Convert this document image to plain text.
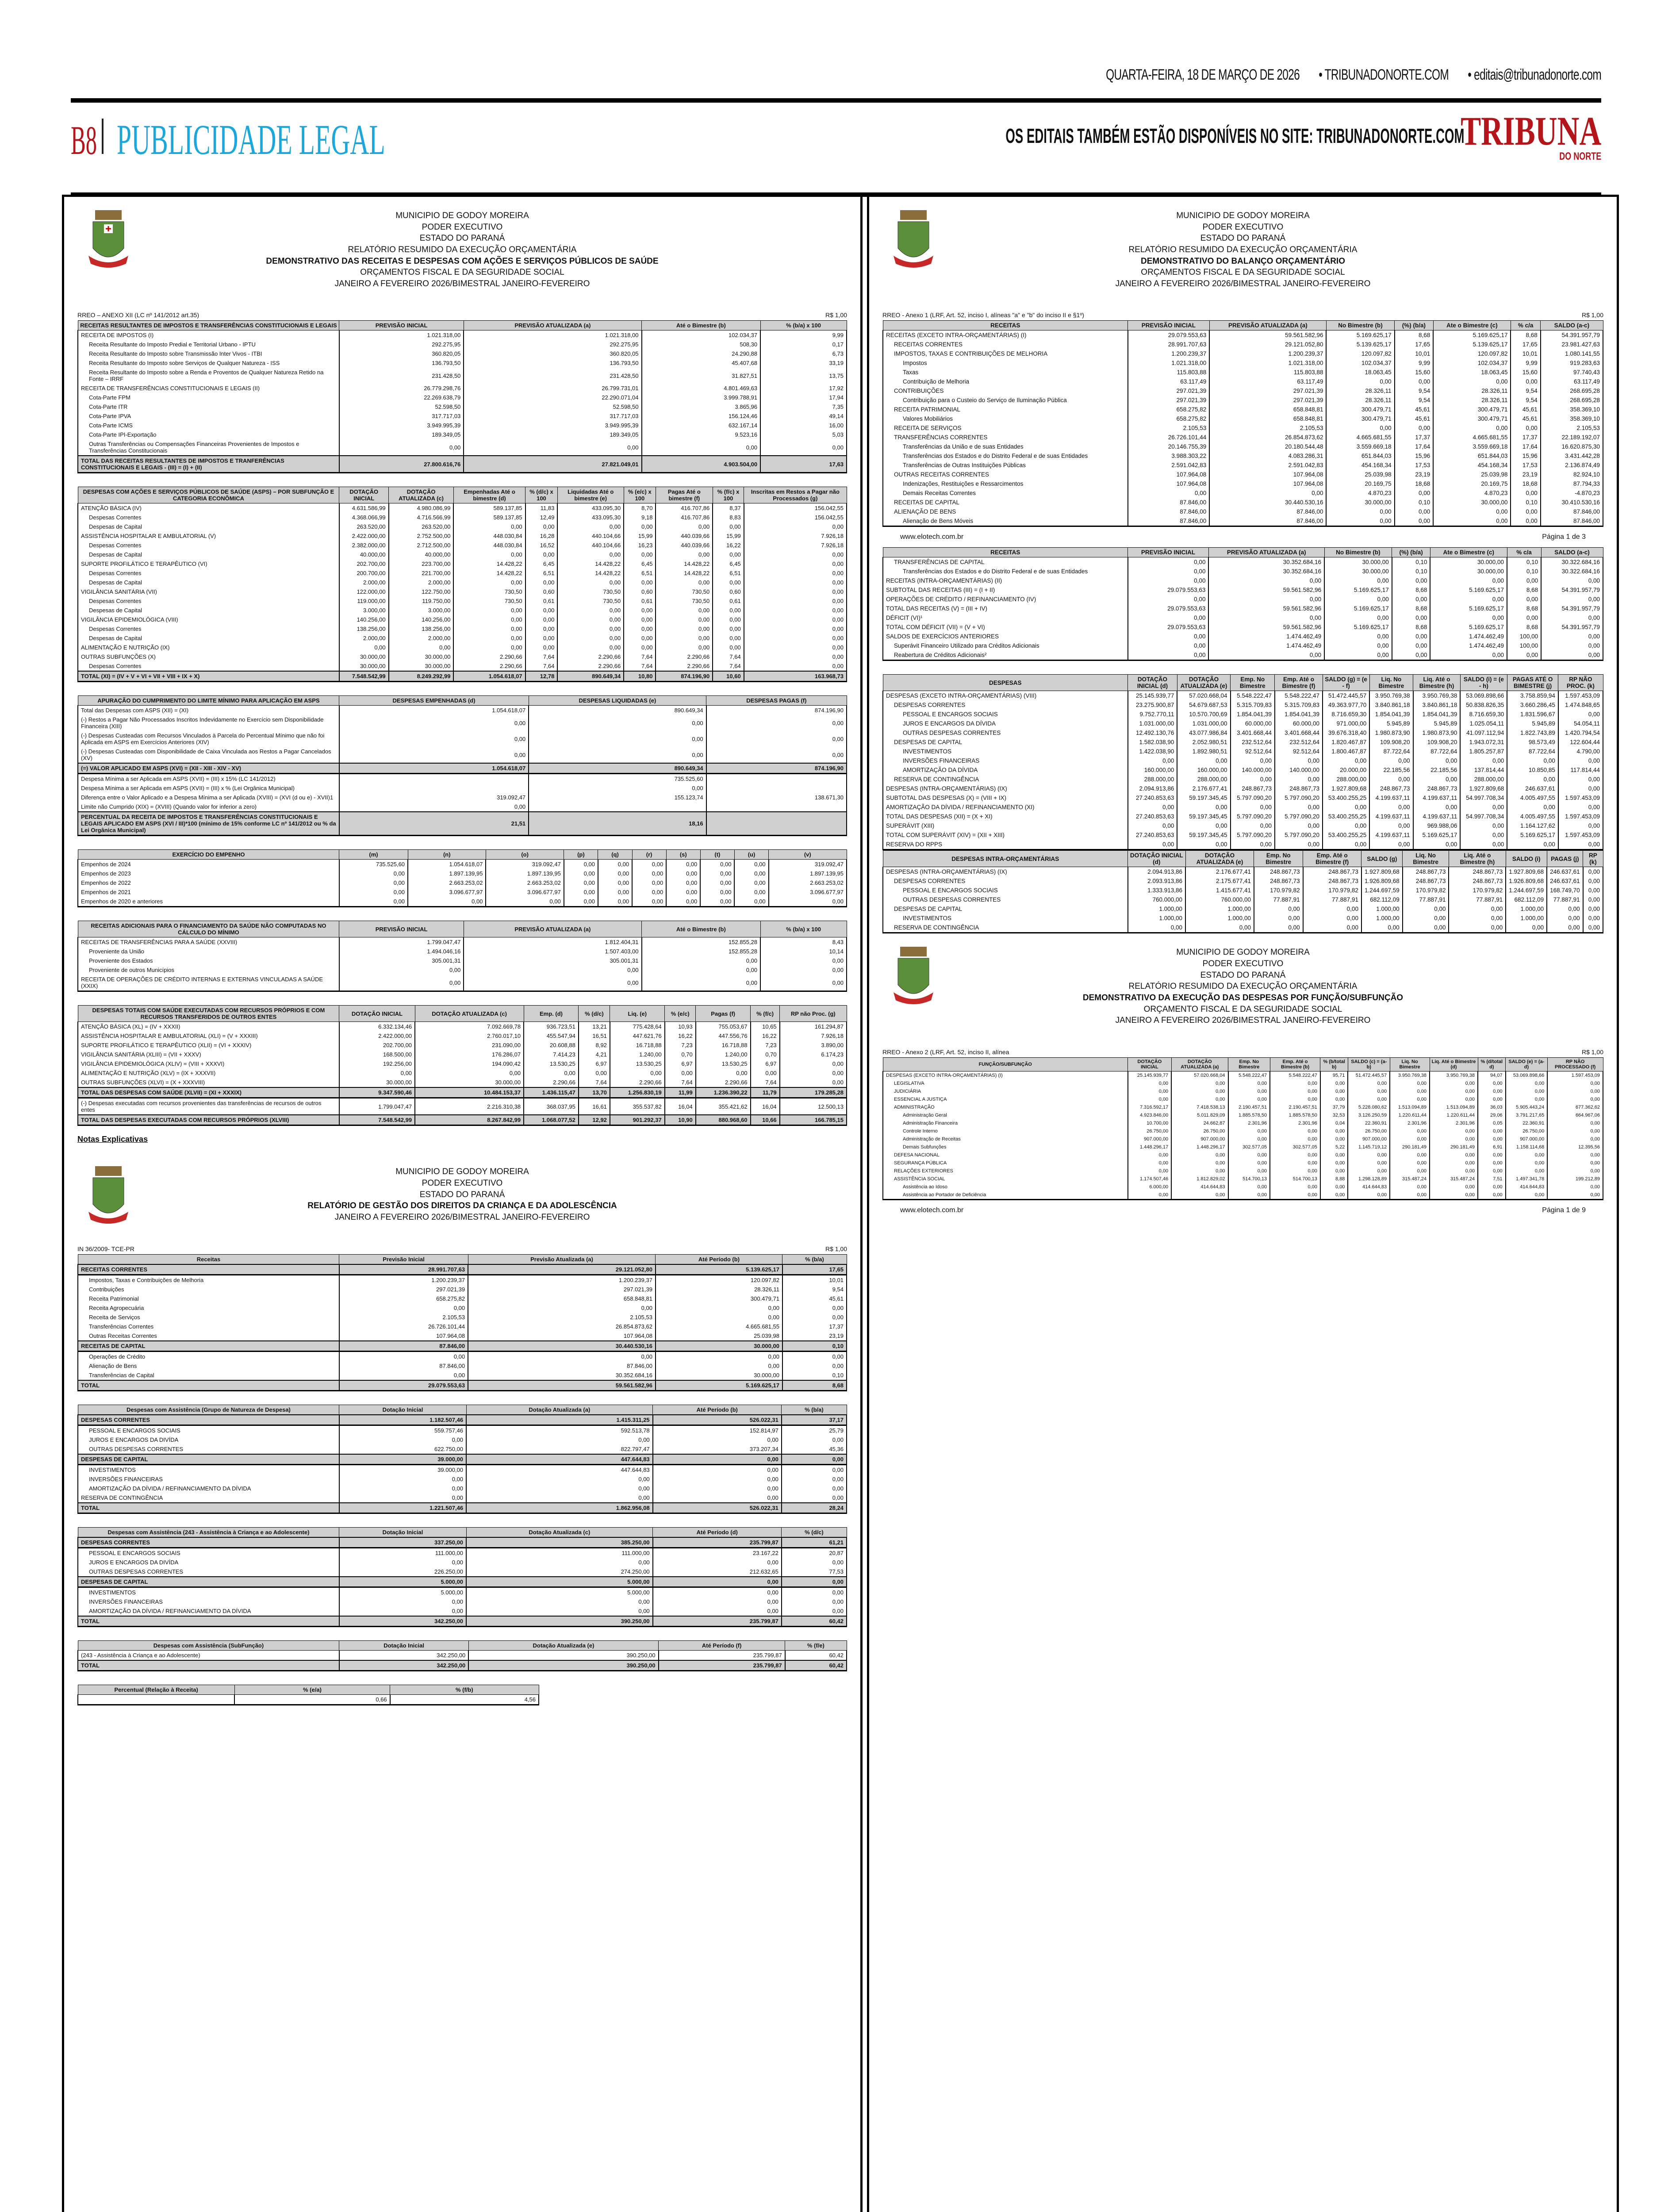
QUARTA-FEIRA, 18 DE MARÇO DE 2026 • TRIBUNADONORTE.COM • editais@tribunadonorte.com
B8 PUBLICIDADE LEGAL	OS EDITAIS TAMBÉM ESTÃO DISPONÍVEIS NO SITE: TRIBUNADONORTE.COM
TRIBUNA
DO NORTE
MUNICIPIO DE GODOY MOREIRA
PODER EXECUTIVO
ESTADO DO PARANÁ
RELATÓRIO RESUMIDO DA EXECUÇÃO ORÇAMENTÁRIA
DEMONSTRATIVO DAS RECEITAS E DESPESAS COM AÇÕES E SERVIÇOS PÚBLICOS DE SAÚDE
ORÇAMENTOS FISCAL E DA SEGURIDADE SOCIAL
JANEIRO A FEVEREIRO 2026/BIMESTRAL JANEIRO-FEVEREIRO
RREO – ANEXO XII (LC nº 141/2012 art.35)	R$ 1,00
RECEITAS RESULTANTES DE IMPOSTOS E TRANSFERÊNCIAS CONSTITUCIONAIS E LEGAIS	PREVISÃO INICIAL	PREVISÃO ATUALIZADA (a)	Até o Bimestre (b)	% (b/a) x 100
RECEITA DE IMPOSTOS (I)	1.021.318,00	1.021.318,00	102.034,37	9,99
Receita Resultante do Imposto Predial e Territorial Urbano - IPTU	292.275,95	292.275,95	508,30	0,17
Receita Resultante do Imposto sobre Transmissão Inter Vivos - ITBI	360.820,05	360.820,05	24.290,88	6,73
Receita Resultante do Imposto sobre Serviços de Qualquer Natureza - ISS	136.793,50	136.793,50	45.407,68	33,19
Receita Resultante do Imposto sobre a Renda e Proventos de Qualquer Natureza Retido na Fonte – IRRF	231.428,50	231.428,50	31.827,51	13,75
RECEITA DE TRANSFERÊNCIAS CONSTITUCIONAIS E LEGAIS (II)	26.779.298,76	26.799.731,01	4.801.469,63	17,92
Cota-Parte FPM	22.269.638,79	22.290.071,04	3.999.788,91	17,94
Cota-Parte ITR	52.598,50	52.598,50	3.865,96	7,35
Cota-Parte IPVA	317.717,03	317.717,03	156.124,46	49,14
Cota-Parte ICMS	3.949.995,39	3.949.995,39	632.167,14	16,00
Cota-Parte IPI-Exportação	189.349,05	189.349,05	9.523,16	5,03
Outras Transferências ou Compensações Financeiras Provenientes de Impostos e Transferências Constitucionais	0,00	0,00	0,00	0,00
TOTAL DAS RECEITAS RESULTANTES DE IMPOSTOS E TRANFERÊNCIAS CONSTITUCIONAIS E LEGAIS - (III) = (I) + (II)	27.800.616,76	27.821.049,01	4.903.504,00	17,63
DESPESAS COM AÇÕES E SERVIÇOS PÚBLICOS DE SAÚDE (ASPS) – POR SUBFUNÇÃO E CATEGORIA ECONÔMICA	DOTAÇÃO INICIAL	DOTAÇÃO ATUALIZADA (c)	Empenhadas Até o bimestre (d)	% (d/c) x 100	Liquidadas Até o bimestre (e)	% (e/c) x 100	Pagas Até o bimestre (f)	% (f/c) x 100	Inscritas em Restos a Pagar não Processados (g)
ATENÇÃO BÁSICA (IV)	4.631.586,99	4.980.086,99	589.137,85	11,83	433.095,30	8,70	416.707,86	8,37	156.042,55
Despesas Correntes	4.368.066,99	4.716.566,99	589.137,85	12,49	433.095,30	9,18	416.707,86	8,83	156.042,55
Despesas de Capital	263.520,00	263.520,00	0,00	0,00	0,00	0,00	0,00	0,00	0,00
ASSISTÊNCIA HOSPITALAR E AMBULATORIAL (V)	2.422.000,00	2.752.500,00	448.030,84	16,28	440.104,66	15,99	440.039,66	15,99	7.926,18
Despesas Correntes	2.382.000,00	2.712.500,00	448.030,84	16,52	440.104,66	16,23	440.039,66	16,22	7.926,18
Despesas de Capital	40.000,00	40.000,00	0,00	0,00	0,00	0,00	0,00	0,00	0,00
SUPORTE PROFILÁTICO E TERAPÊUTICO (VI)	202.700,00	223.700,00	14.428,22	6,45	14.428,22	6,45	14.428,22	6,45	0,00
Despesas Correntes	200.700,00	221.700,00	14.428,22	6,51	14.428,22	6,51	14.428,22	6,51	0,00
Despesas de Capital	2.000,00	2.000,00	0,00	0,00	0,00	0,00	0,00	0,00	0,00
VIGILÂNCIA SANITÁRIA (VII)	122.000,00	122.750,00	730,50	0,60	730,50	0,60	730,50	0,60	0,00
Despesas Correntes	119.000,00	119.750,00	730,50	0,61	730,50	0,61	730,50	0,61	0,00
Despesas de Capital	3.000,00	3.000,00	0,00	0,00	0,00	0,00	0,00	0,00	0,00
VIGILÂNCIA EPIDEMIOLÓGICA (VIII)	140.256,00	140.256,00	0,00	0,00	0,00	0,00	0,00	0,00	0,00
Despesas Correntes	138.256,00	138.256,00	0,00	0,00	0,00	0,00	0,00	0,00	0,00
Despesas de Capital	2.000,00	2.000,00	0,00	0,00	0,00	0,00	0,00	0,00	0,00
ALIMENTAÇÃO E NUTRIÇÃO (IX)	0,00	0,00	0,00	0,00	0,00	0,00	0,00	0,00	0,00
OUTRAS SUBFUNÇÕES (X)	30.000,00	30.000,00	2.290,66	7,64	2.290,66	7,64	2.290,66	7,64	0,00
Despesas Correntes	30.000,00	30.000,00	2.290,66	7,64	2.290,66	7,64	2.290,66	7,64	0,00
TOTAL (XI) = (IV + V + VI + VII + VIII + IX + X)	7.548.542,99	8.249.292,99	1.054.618,07	12,78	890.649,34	10,80	874.196,90	10,60	163.968,73
APURAÇÃO DO CUMPRIMENTO DO LIMITE MÍNIMO PARA APLICAÇÃO EM ASPS	DESPESAS EMPENHADAS (d)	DESPESAS LIQUIDADAS (e)	DESPESAS PAGAS (f)
Total das Despesas com ASPS (XII) = (XI)	1.054.618,07	890.649,34	874.196,90
(-) Restos a Pagar Não Processados Inscritos Indevidamente no Exercício sem Disponibilidade Financeira (XIII)	0,00	0,00	0,00
(-) Despesas Custeadas com Recursos Vinculados à Parcela do Percentual Mínimo que não foi Aplicada em ASPS em Exercícios Anteriores (XIV)	0,00	0,00	0,00
(-) Despesas Custeadas com Disponibilidade de Caixa Vinculada aos Restos a Pagar Cancelados (XV)	0,00	0,00	0,00
(=) VALOR APLICADO EM ASPS (XVI) = (XII - XIII - XIV - XV)	1.054.618,07	890.649,34	874.196,90
Despesa Mínima a ser Aplicada em ASPS (XVII) = (III) x 15% (LC 141/2012)		735.525,60	
Despesa Mínima a ser Aplicada em ASPS (XVII) = (III) x % (Lei Orgânica Municipal)		0,00	
Diferença entre o Valor Aplicado e a Despesa Mínima a ser Aplicada (XVIII) = (XVI (d ou e) - XVII)1	319.092,47	155.123,74	138.671,30
Limite não Cumprido (XIX) = (XVIII) (Quando valor for inferior a zero)	0,00		
PERCENTUAL DA RECEITA DE IMPOSTOS E TRANSFERÊNCIAS CONSTITUCIONAIS E LEGAIS APLICADO EM ASPS (XVI / III)*100 (mínimo de 15% conforme LC nº 141/2012 ou % da Lei Orgânica Municipal)	21,51	18,16	
EXERCÍCIO DO EMPENHO	(m)	(n)	(o)	(p)	(q)	(r)	(s)	(t)	(u)	(v)
Empenhos de 2024	735.525,60	1.054.618,07	319.092,47	0,00	0,00	0,00	0,00	0,00	0,00	319.092,47
Empenhos de 2023	0,00	1.897.139,95	1.897.139,95	0,00	0,00	0,00	0,00	0,00	0,00	1.897.139,95
Empenhos de 2022	0,00	2.663.253,02	2.663.253,02	0,00	0,00	0,00	0,00	0,00	0,00	2.663.253,02
Empenhos de 2021	0,00	3.096.677,97	3.096.677,97	0,00	0,00	0,00	0,00	0,00	0,00	3.096.677,97
Empenhos de 2020 e anteriores	0,00	0,00	0,00	0,00	0,00	0,00	0,00	0,00	0,00	0,00
RECEITAS ADICIONAIS PARA O FINANCIAMENTO DA SAÚDE NÃO COMPUTADAS NO CÁLCULO DO MÍNIMO	PREVISÃO INICIAL	PREVISÃO ATUALIZADA (a)	Até o Bimestre (b)	% (b/a) x 100
RECEITAS DE TRANSFERÊNCIAS PARA A SAÚDE (XXVIII)	1.799.047,47	1.812.404,31	152.855,28	8,43
Proveniente da União	1.494.046,16	1.507.403,00	152.855,28	10,14
Proveniente dos Estados	305.001,31	305.001,31	0,00	0,00
Proveniente de outros Municípios	0,00	0,00	0,00	0,00
RECEITA DE OPERAÇÕES DE CRÉDITO INTERNAS E EXTERNAS VINCULADAS A SAÚDE (XXIX)	0,00	0,00	0,00	0,00
DESPESAS TOTAIS COM SAÚDE EXECUTADAS COM RECURSOS PRÓPRIOS E COM RECURSOS TRANSFERIDOS DE OUTROS ENTES	DOTAÇÃO INICIAL	DOTAÇÃO ATUALIZADA (c)	Emp. (d)	% (d/c)	Liq. (e)	% (e/c)	Pagas (f)	% (f/c)	RP não Proc. (g)
ATENÇÃO BÁSICA (XL) = (IV + XXXII)	6.332.134,46	7.092.669,78	936.723,51	13,21	775.428,64	10,93	755.053,67	10,65	161.294,87
ASSISTÊNCIA HOSPITALAR E AMBULATORIAL (XLI) = (V + XXXIII)	2.422.000,00	2.760.017,10	455.547,94	16,51	447.621,76	16,22	447.556,76	16,22	7.926,18
SUPORTE PROFILÁTICO E TERAPÊUTICO (XLII) = (VI + XXXIV)	202.700,00	231.090,00	20.608,88	8,92	16.718,88	7,23	16.718,88	7,23	3.890,00
VIGILÂNCIA SANITÁRIA (XLIII) = (VII + XXXV)	168.500,00	176.286,07	7.414,23	4,21	1.240,00	0,70	1.240,00	0,70	6.174,23
VIGILÂNCIA EPIDEMIOLÓGICA (XLIV) = (VIII + XXXVI)	192.256,00	194.090,42	13.530,25	6,97	13.530,25	6,97	13.530,25	6,97	0,00
ALIMENTAÇÃO E NUTRIÇÃO (XLV) = (IX + XXXVII)	0,00	0,00	0,00	0,00	0,00	0,00	0,00	0,00	0,00
OUTRAS SUBFUNÇÕES (XLVI) = (X + XXXVIII)	30.000,00	30.000,00	2.290,66	7,64	2.290,66	7,64	2.290,66	7,64	0,00
TOTAL DAS DESPESAS COM SAÚDE (XLVII) = (XI + XXXIX)	9.347.590,46	10.484.153,37	1.436.115,47	13,70	1.256.830,19	11,99	1.236.390,22	11,79	179.285,28
(-) Despesas executadas com recursos provenientes das transferências de recursos de outros entes	1.799.047,47	2.216.310,38	368.037,95	16,61	355.537,82	16,04	355.421,62	16,04	12.500,13
TOTAL DAS DESPESAS EXECUTADAS COM RECURSOS PRÓPRIOS (XLVIII)	7.548.542,99	8.267.842,99	1.068.077,52	12,92	901.292,37	10,90	880.968,60	10,66	166.785,15
Notas Explicativas
MUNICIPIO DE GODOY MOREIRA
PODER EXECUTIVO
ESTADO DO PARANÁ
RELATÓRIO DE GESTÃO DOS DIREITOS DA CRIANÇA E DA ADOLESCÊNCIA
JANEIRO A FEVEREIRO 2026/BIMESTRAL JANEIRO-FEVEREIRO
IN 36/2009- TCE-PR	R$ 1,00
Receitas	Previsão Inicial	Previsão Atualizada (a)	Até Período (b)	% (b/a)
RECEITAS CORRENTES	28.991.707,63	29.121.052,80	5.139.625,17	17,65
Impostos, Taxas e Contribuições de Melhoria	1.200.239,37	1.200.239,37	120.097,82	10,01
Contribuições	297.021,39	297.021,39	28.326,11	9,54
Receita Patrimonial	658.275,82	658.848,81	300.479,71	45,61
Receita Agropecuária	0,00	0,00	0,00	0,00
Receita de Serviços	2.105,53	2.105,53	0,00	0,00
Transferências Correntes	26.726.101,44	26.854.873,62	4.665.681,55	17,37
Outras Receitas Correntes	107.964,08	107.964,08	25.039,98	23,19
RECEITAS DE CAPITAL	87.846,00	30.440.530,16	30.000,00	0,10
Operações de Crédito	0,00	0,00	0,00	0,00
Alienação de Bens	87.846,00	87.846,00	0,00	0,00
Transferências de Capital	0,00	30.352.684,16	30.000,00	0,10
TOTAL	29.079.553,63	59.561.582,96	5.169.625,17	8,68
Despesas com Assistência (Grupo de Natureza de Despesa)	Dotação Inicial	Dotação Atualizada (a)	Até Período (b)	% (b/a)
DESPESAS CORRENTES	1.182.507,46	1.415.311,25	526.022,31	37,17
PESSOAL E ENCARGOS SOCIAIS	559.757,46	592.513,78	152.814,97	25,79
JUROS E ENCARGOS DA DIVÍDA	0,00	0,00	0,00	0,00
OUTRAS DESPESAS CORRENTES	622.750,00	822.797,47	373.207,34	45,36
DESPESAS DE CAPITAL	39.000,00	447.644,83	0,00	0,00
INVESTIMENTOS	39.000,00	447.644,83	0,00	0,00
INVERSÕES FINANCEIRAS	0,00	0,00	0,00	0,00
AMORTIZAÇÃO DA DÍVIDA / REFINANCIAMENTO DA DÍVIDA	0,00	0,00	0,00	0,00
RESERVA DE CONTINGÊNCIA	0,00	0,00	0,00	0,00
TOTAL	1.221.507,46	1.862.956,08	526.022,31	28,24
Despesas com Assistência (243 - Assistência à Criança e ao Adolescente)	Dotação Inicial	Dotação Atualizada (c)	Até Período (d)	% (d/c)
DESPESAS CORRENTES	337.250,00	385.250,00	235.799,87	61,21
PESSOAL E ENCARGOS SOCIAIS	111.000,00	111.000,00	23.167,22	20,87
JUROS E ENCARGOS DA DIVÍDA	0,00	0,00	0,00	0,00
OUTRAS DESPESAS CORRENTES	226.250,00	274.250,00	212.632,65	77,53
DESPESAS DE CAPITAL	5.000,00	5.000,00	0,00	0,00
INVESTIMENTOS	5.000,00	5.000,00	0,00	0,00
INVERSÕES FINANCEIRAS	0,00	0,00	0,00	0,00
AMORTIZAÇÃO DA DÍVIDA / REFINANCIAMENTO DA DÍVIDA	0,00	0,00	0,00	0,00
TOTAL	342.250,00	390.250,00	235.799,87	60,42
Despesas com Assistência (SubFunção)	Dotação Inicial	Dotação Atualizada (e)	Até Período (f)	% (f/e)
(243 - Assistência à Criança e ao Adolescente)	342.250,00	390.250,00	235.799,87	60,42
TOTAL	342.250,00	390.250,00	235.799,87	60,42
Percentual (Relação à Receita)	% (e/a)	% (f/b)
	0,66	4,56
MUNICIPIO DE GODOY MOREIRA
PODER EXECUTIVO
ESTADO DO PARANÁ
RELATÓRIO RESUMIDO DA EXECUÇÃO ORÇAMENTÁRIA
DEMONSTRATIVO DO BALANÇO ORÇAMENTÁRIO
ORÇAMENTOS FISCAL E DA SEGURIDADE SOCIAL
JANEIRO A FEVEREIRO 2026/BIMESTRAL JANEIRO-FEVEREIRO
RREO - Anexo 1 (LRF, Art. 52, inciso I, alíneas "a" e "b" do inciso II e §1º)	R$ 1,00
RECEITAS	PREVISÃO INICIAL	PREVISÃO ATUALIZADA (a)	No Bimestre (b)	(%) (b/a)	Ate o Bimestre (c)	% c/a	SALDO (a-c)
RECEITAS (EXCETO INTRA-ORÇAMENTÁRIAS) (I)	29.079.553,63	59.561.582,96	5.169.625,17	8,68	5.169.625,17	8,68	54.391.957,79
RECEITAS CORRENTES	28.991.707,63	29.121.052,80	5.139.625,17	17,65	5.139.625,17	17,65	23.981.427,63
IMPOSTOS, TAXAS E CONTRIBUIÇÕES DE MELHORIA	1.200.239,37	1.200.239,37	120.097,82	10,01	120.097,82	10,01	1.080.141,55
Impostos	1.021.318,00	1.021.318,00	102.034,37	9,99	102.034,37	9,99	919.283,63
Taxas	115.803,88	115.803,88	18.063,45	15,60	18.063,45	15,60	97.740,43
Contribuição de Melhoria	63.117,49	63.117,49	0,00	0,00	0,00	0,00	63.117,49
CONTRIBUIÇÕES	297.021,39	297.021,39	28.326,11	9,54	28.326,11	9,54	268.695,28
Contribuição para o Custeio do Serviço de Iluminação Pública	297.021,39	297.021,39	28.326,11	9,54	28.326,11	9,54	268.695,28
RECEITA PATRIMONIAL	658.275,82	658.848,81	300.479,71	45,61	300.479,71	45,61	358.369,10
Valores Mobiliários	658.275,82	658.848,81	300.479,71	45,61	300.479,71	45,61	358.369,10
RECEITA DE SERVIÇOS	2.105,53	2.105,53	0,00	0,00	0,00	0,00	2.105,53
TRANSFERÊNCIAS CORRENTES	26.726.101,44	26.854.873,62	4.665.681,55	17,37	4.665.681,55	17,37	22.189.192,07
Transferências da União e de suas Entidades	20.146.755,39	20.180.544,48	3.559.669,18	17,64	3.559.669,18	17,64	16.620.875,30
Transferências dos Estados e do Distrito Federal e de suas Entidades	3.988.303,22	4.083.286,31	651.844,03	15,96	651.844,03	15,96	3.431.442,28
Transferências de Outras Instituições Públicas	2.591.042,83	2.591.042,83	454.168,34	17,53	454.168,34	17,53	2.136.874,49
OUTRAS RECEITAS CORRENTES	107.964,08	107.964,08	25.039,98	23,19	25.039,98	23,19	82.924,10
Indenizações, Restituições e Ressarcimentos	107.964,08	107.964,08	20.169,75	18,68	20.169,75	18,68	87.794,33
Demais Receitas Correntes	0,00	0,00	4.870,23	0,00	4.870,23	0,00	-4.870,23
RECEITAS DE CAPITAL	87.846,00	30.440.530,16	30.000,00	0,10	30.000,00	0,10	30.410.530,16
ALIENAÇÃO DE BENS	87.846,00	87.846,00	0,00	0,00	0,00	0,00	87.846,00
Alienação de Bens Móveis	87.846,00	87.846,00	0,00	0,00	0,00	0,00	87.846,00
www.elotech.com.br	Página 1 de 3
RECEITAS	PREVISÃO INICIAL	PREVISÃO ATUALIZADA (a)	No Bimestre (b)	(%) (b/a)	Ate o Bimestre (c)	% c/a	SALDO (a-c)
TRANSFERÊNCIAS DE CAPITAL	0,00	30.352.684,16	30.000,00	0,10	30.000,00	0,10	30.322.684,16
Transferências dos Estados e do Distrito Federal e de suas Entidades	0,00	30.352.684,16	30.000,00	0,10	30.000,00	0,10	30.322.684,16
RECEITAS (INTRA-ORÇAMENTÁRIAS) (II)	0,00	0,00	0,00	0,00	0,00	0,00	0,00
SUBTOTAL DAS RECEITAS (III) = (I + II)	29.079.553,63	59.561.582,96	5.169.625,17	8,68	5.169.625,17	8,68	54.391.957,79
OPERAÇÕES DE CRÉDITO / REFINANCIAMENTO (IV)	0,00	0,00	0,00	0,00	0,00	0,00	0,00
TOTAL DAS RECEITAS (V) = (III + IV)	29.079.553,63	59.561.582,96	5.169.625,17	8,68	5.169.625,17	8,68	54.391.957,79
DÉFICIT (VI)¹	0,00	0,00	0,00	0,00	0,00	0,00	0,00
TOTAL COM DÉFICIT (VII) = (V + VI)	29.079.553,63	59.561.582,96	5.169.625,17	8,68	5.169.625,17	8,68	54.391.957,79
SALDOS DE EXERCÍCIOS ANTERIORES	0,00	1.474.462,49	0,00	0,00	1.474.462,49	100,00	0,00
Superávit Financeiro Utilizado para Créditos Adicionais	0,00	1.474.462,49	0,00	0,00	1.474.462,49	100,00	0,00
Reabertura de Créditos Adicionais²	0,00	0,00	0,00	0,00	0,00	0,00	0,00
DESPESAS	DOTAÇÃO INICIAL (d)	DOTAÇÃO ATUALIZADA (e)	Emp. No Bimestre	Emp. Até o Bimestre (f)	SALDO (g) = (e - f)	Liq. No Bimestre	Liq. Até o Bimestre (h)	SALDO (i) = (e - h)	PAGAS ATÉ O BIMESTRE (j)	RP NÃO PROC. (k)
DESPESAS (EXCETO INTRA-ORÇAMENTÁRIAS) (VIII)	25.145.939,77	57.020.668,04	5.548.222,47	5.548.222,47	51.472.445,57	3.950.769,38	3.950.769,38	53.069.898,66	3.758.859,94	1.597.453,09
DESPESAS CORRENTES	23.275.900,87	54.679.687,53	5.315.709,83	5.315.709,83	49.363.977,70	3.840.861,18	3.840.861,18	50.838.826,35	3.660.286,45	1.474.848,65
PESSOAL E ENCARGOS SOCIAIS	9.752.770,11	10.570.700,69	1.854.041,39	1.854.041,39	8.716.659,30	1.854.041,39	1.854.041,39	8.716.659,30	1.831.596,67	0,00
JUROS E ENCARGOS DA DÍVIDA	1.031.000,00	1.031.000,00	60.000,00	60.000,00	971.000,00	5.945,89	5.945,89	1.025.054,11	5.945,89	54.054,11
OUTRAS DESPESAS CORRENTES	12.492.130,76	43.077.986,84	3.401.668,44	3.401.668,44	39.676.318,40	1.980.873,90	1.980.873,90	41.097.112,94	1.822.743,89	1.420.794,54
DESPESAS DE CAPITAL	1.582.038,90	2.052.980,51	232.512,64	232.512,64	1.820.467,87	109.908,20	109.908,20	1.943.072,31	98.573,49	122.604,44
INVESTIMENTOS	1.422.038,90	1.892.980,51	92.512,64	92.512,64	1.800.467,87	87.722,64	87.722,64	1.805.257,87	87.722,64	4.790,00
INVERSÕES FINANCEIRAS	0,00	0,00	0,00	0,00	0,00	0,00	0,00	0,00	0,00	0,00
AMORTIZAÇÃO DA DÍVIDA	160.000,00	160.000,00	140.000,00	140.000,00	20.000,00	22.185,56	22.185,56	137.814,44	10.850,85	117.814,44
RESERVA DE CONTINGÊNCIA	288.000,00	288.000,00	0,00	0,00	288.000,00	0,00	0,00	288.000,00	0,00	0,00
DESPESAS (INTRA-ORÇAMENTÁRIAS) (IX)	2.094.913,86	2.176.677,41	248.867,73	248.867,73	1.927.809,68	248.867,73	248.867,73	1.927.809,68	246.637,61	0,00
SUBTOTAL DAS DESPESAS (X) = (VIII + IX)	27.240.853,63	59.197.345,45	5.797.090,20	5.797.090,20	53.400.255,25	4.199.637,11	4.199.637,11	54.997.708,34	4.005.497,55	1.597.453,09
AMORTIZAÇÃO DA DÍVIDA / REFINANCIAMENTO (XI)	0,00	0,00	0,00	0,00	0,00	0,00	0,00	0,00	0,00	0,00
TOTAL DAS DESPESAS (XII) = (X + XI)	27.240.853,63	59.197.345,45	5.797.090,20	5.797.090,20	53.400.255,25	4.199.637,11	4.199.637,11	54.997.708,34	4.005.497,55	1.597.453,09
SUPERÁVIT (XIII)	0,00	0,00	0,00	0,00	0,00	0,00	969.988,06	0,00	1.164.127,62	0,00
TOTAL COM SUPERÁVIT (XIV) = (XII + XIII)	27.240.853,63	59.197.345,45	5.797.090,20	5.797.090,20	53.400.255,25	4.199.637,11	5.169.625,17	0,00	5.169.625,17	1.597.453,09
RESERVA DO RPPS	0,00	0,00	0,00	0,00	0,00	0,00	0,00	0,00	0,00	0,00
DESPESAS INTRA-ORÇAMENTÁRIAS	DOTAÇÃO INICIAL (d)	DOTAÇÃO ATUALIZADA (e)	Emp. No Bimestre	Emp. Até o Bimestre (f)	SALDO (g)	Liq. No Bimestre	Liq. Até o Bimestre (h)	SALDO (i)	PAGAS (j)	RP (k)
DESPESAS (INTRA-ORÇAMENTÁRIAS) (IX)	2.094.913,86	2.176.677,41	248.867,73	248.867,73	1.927.809,68	248.867,73	248.867,73	1.927.809,68	246.637,61	0,00
DESPESAS CORRENTES	2.093.913,86	2.175.677,41	248.867,73	248.867,73	1.926.809,68	248.867,73	248.867,73	1.926.809,68	246.637,61	0,00
PESSOAL E ENCARGOS SOCIAIS	1.333.913,86	1.415.677,41	170.979,82	170.979,82	1.244.697,59	170.979,82	170.979,82	1.244.697,59	168.749,70	0,00
OUTRAS DESPESAS CORRENTES	760.000,00	760.000,00	77.887,91	77.887,91	682.112,09	77.887,91	77.887,91	682.112,09	77.887,91	0,00
DESPESAS DE CAPITAL	1.000,00	1.000,00	0,00	0,00	1.000,00	0,00	0,00	1.000,00	0,00	0,00
INVESTIMENTOS	1.000,00	1.000,00	0,00	0,00	1.000,00	0,00	0,00	1.000,00	0,00	0,00
RESERVA DE CONTINGÊNCIA	0,00	0,00	0,00	0,00	0,00	0,00	0,00	0,00	0,00	0,00
MUNICIPIO DE GODOY MOREIRA
PODER EXECUTIVO
ESTADO DO PARANÁ
RELATÓRIO RESUMIDO DA EXECUÇÃO ORÇAMENTÁRIA
DEMONSTRATIVO DA EXECUÇÃO DAS DESPESAS POR FUNÇÃO/SUBFUNÇÃO
ORÇAMENTO FISCAL E DA SEGURIDADE SOCIAL
JANEIRO A FEVEREIRO 2026/BIMESTRAL JANEIRO-FEVEREIRO
RREO - Anexo 2 (LRF, Art. 52, inciso II, alínea	R$ 1,00
FUNÇÃO/SUBFUNÇÃO	DOTAÇÃO INICIAL	DOTAÇÃO ATUALIZADA (a)	Emp. No Bimestre	Emp. Até o Bimestre (b)	% (b/total b)	SALDO (c) = (a-b)	Liq. No Bimestre	Liq. Até o Bimestre (d)	% (d/total d)	SALDO (e) = (a-d)	RP NÃO PROCESSADO (f)
DESPESAS (EXCETO INTRA-ORÇAMENTÁRIAS) (I)	25.145.939,77	57.020.668,04	5.548.222,47	5.548.222,47	95,71	51.472.445,57	3.950.769,38	3.950.769,38	94,07	53.069.898,66	1.597.453,09
LEGISLATIVA	0,00	0,00	0,00	0,00	0,00	0,00	0,00	0,00	0,00	0,00	0,00
JUDICIÁRIA	0,00	0,00	0,00	0,00	0,00	0,00	0,00	0,00	0,00	0,00	0,00
ESSENCIAL A JUSTIÇA	0,00	0,00	0,00	0,00	0,00	0,00	0,00	0,00	0,00	0,00	0,00
ADMINISTRAÇÃO	7.316.592,17	7.418.538,13	2.190.457,51	2.190.457,51	37,79	5.228.080,62	1.513.094,89	1.513.094,89	36,03	5.905.443,24	677.362,62
Administração Geral	4.923.846,00	5.011.829,09	1.885.578,50	1.885.578,50	32,53	3.126.250,59	1.220.611,44	1.220.611,44	29,06	3.791.217,65	664.967,06
Administração Financeira	10.700,00	24.662,87	2.301,96	2.301,96	0,04	22.360,91	2.301,96	2.301,96	0,05	22.360,91	0,00
Controle Interno	26.750,00	26.750,00	0,00	0,00	0,00	26.750,00	0,00	0,00	0,00	26.750,00	0,00
Administração de Receitas	907.000,00	907.000,00	0,00	0,00	0,00	907.000,00	0,00	0,00	0,00	907.000,00	0,00
Demais Subfunções	1.448.296,17	1.448.296,17	302.577,05	302.577,05	5,22	1.145.719,12	290.181,49	290.181,49	6,91	1.158.114,68	12.395,56
DEFESA NACIONAL	0,00	0,00	0,00	0,00	0,00	0,00	0,00	0,00	0,00	0,00	0,00
SEGURANÇA PÚBLICA	0,00	0,00	0,00	0,00	0,00	0,00	0,00	0,00	0,00	0,00	0,00
RELAÇÕES EXTERIORES	0,00	0,00	0,00	0,00	0,00	0,00	0,00	0,00	0,00	0,00	0,00
ASSISTÊNCIA SOCIAL	1.174.507,46	1.812.829,02	514.700,13	514.700,13	8,88	1.298.128,89	315.487,24	315.487,24	7,51	1.497.341,78	199.212,89
Assistência ao Idoso	6.000,00	414.644,83	0,00	0,00	0,00	414.644,83	0,00	0,00	0,00	414.644,83	0,00
Assistência ao Portador de Deficiência	0,00	0,00	0,00	0,00	0,00	0,00	0,00	0,00	0,00	0,00	0,00
www.elotech.com.br	Página 1 de 9
